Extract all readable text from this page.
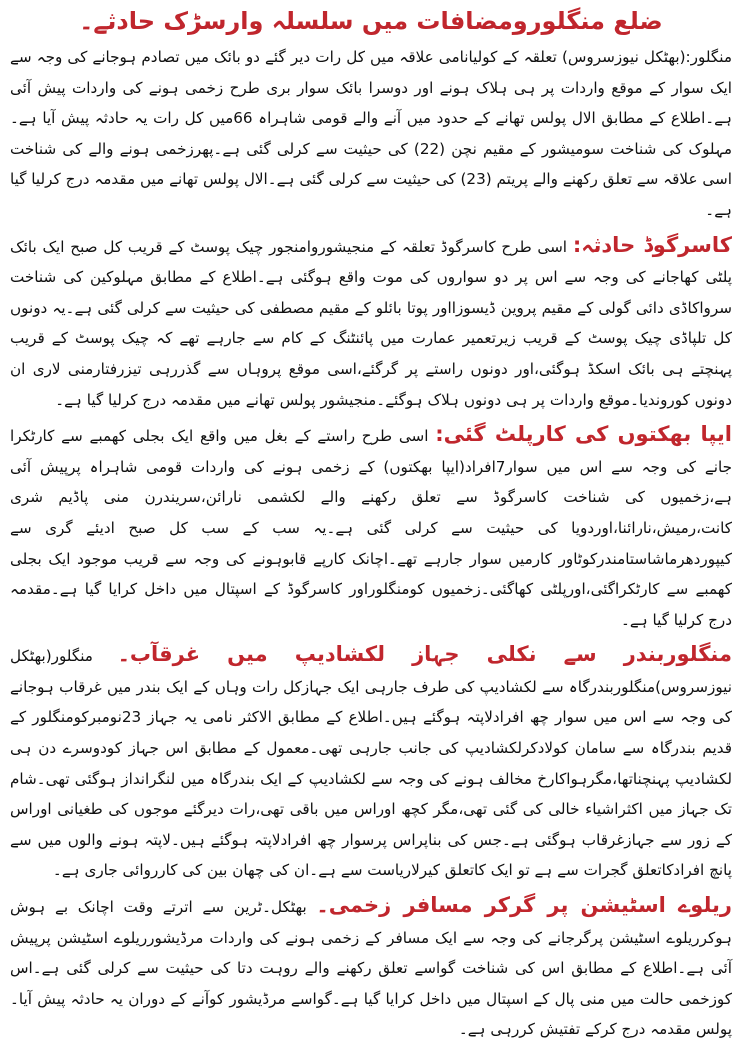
ضلع منگلورومضافات میں سلسلہ وارسڑک حادثے۔

منگلور:(بھٹکل نیوزسروس) تعلقہ کے کولیانامی علاقہ میں کل رات دیر گئے دو بائک میں تصادم ہوجانے کی وجہ سے ایک سوار کے موقع واردات پر ہی ہلاک ہونے اور دوسرا بائک سوار بری طرح زخمی ہونے کی واردات پیش آئی ہے۔اطلاع کے مطابق الال پولس تھانے کے حدود میں آنے والے قومی شاہراہ 66میں کل رات یہ حادثہ پیش آیا ہے۔مہلوک کی شناخت سومیشور کے مقیم نچن (22) کی حیثیت سے کرلی گئی ہے۔پھرزخمی ہونے والے کی شناخت اسی علاقہ سے تعلق رکھنے والے پریتم (23) کی حیثیت سے کرلی گئی ہے۔الال پولس تھانے میں مقدمہ درج کرلیا گیا ہے۔

کاسرگوڈ حادثہ: اسی طرح کاسرگوڈ تعلقہ کے منجیشوروامنجور چیک پوسٹ کے قریب کل صبح ایک بائک پلٹی کھاجانے کی وجہ سے اس پر دو سواروں کی موت واقع ہوگئی ہے۔اطلاع کے مطابق مہلوکین کی شناخت سرواکاڈی دائی گولی کے مقیم پروین ڈیسوزااور پوتا بائلو کے مقیم مصطفی کی حیثیت سے کرلی گئی ہے۔یہ دونوں کل تلپاڈی چیک پوسٹ کے قریب زیرتعمیر عمارت میں پائنٹنگ کے کام سے جارہے تھے کہ چیک پوسٹ کے قریب پہنچتے ہی بائک اسکڈ ہوگئی،اور دونوں راستے پر گرگئے،اسی موقع پروہاں سے گذررہی تیزرفتارمنی لاری ان دونوں کوروندیا۔موقع واردات پر ہی دونوں ہلاک ہوگئے۔منجیشور پولس تھانے میں مقدمہ درج کرلیا گیا ہے۔

ایپا بھکتوں کی کارپلٹ گئی: اسی طرح راستے کے بغل میں واقع ایک بجلی کھمبے سے کارٹکرا جانے کی وجہ سے اس میں سوار7افراد(ایپا بھکتوں) کے زخمی ہونے کی واردات قومی شاہراہ پرپیش آئی ہے،زخمیوں کی شناخت کاسرگوڈ سے تعلق رکھنے والے لکشمی نارائن،سریندرن منی پاڈیم شری کانت،رمیش،نارائنا،اوردویا کی حیثیت سے کرلی گئی ہے۔یہ سب کے سب کل صبح ادیئے گری سے کیپوردھرماشاستامندرکوٹاور کارمیں سوار جارہے تھے۔اچانک کارپے قابوہونے کی وجہ سے قریب موجود ایک بجلی کھمبے سے کارٹکراگئی،اورپلٹی کھاگئی۔زخمیوں کومنگلوراور کاسرگوڈ کے اسپتال میں داخل کرایا گیا ہے۔مقدمہ درج کرلیا گیا ہے۔

منگلوربندر سے نکلی جہاز لکشادیپ میں غرقآب۔ منگلور(بھٹکل نیوزسروس)منگلوربندرگاہ سے لکشادیپ کی طرف جارہی ایک جہازکل رات وہاں کے ایک بندر میں غرقاب ہوجانے کی وجہ سے اس میں سوار چھ افرادلاپتہ ہوگئے ہیں۔اطلاع کے مطابق الاکثر نامی یہ جہاز 23نومبرکومنگلور کے قدیم بندرگاہ سے سامان کولادکرلکشادیپ کی جانب جارہی تھی۔معمول کے مطابق اس جہاز کودوسرے دن ہی لکشادیپ پہنچناتھا،مگرہواکارخ مخالف ہونے کی وجہ سے لکشادیپ کے ایک بندرگاہ میں لنگرانداز ہوگئی تھی۔شام تک جہاز میں اکثراشیاء خالی کی گئی تھی،مگر کچھ اوراس میں باقی تھی،رات دیرگئے موجوں کی طغیانی اوراس کے زور سے جہازغرقاب ہوگئی ہے۔جس کی بناپراس پرسوار چھ افرادلاپتہ ہوگئے ہیں۔لاپتہ ہونے والوں میں سے پانچ افرادکاتعلق گجرات سے ہے تو ایک کاتعلق کیرلاریاست سے ہے۔ان کی چھان بین کی کارروائی جاری ہے۔

ریلوے اسٹیشن پر گرکر مسافر زخمی۔ بھٹکل۔ٹرین سے اترتے وقت اچانک بے ہوش ہوکرریلوے اسٹیشن پرگرجانے کی وجہ سے ایک مسافر کے زخمی ہونے کی واردات مرڈیشورریلوے اسٹیشن پرپیش آئی ہے۔اطلاع کے مطابق اس کی شناخت گواسے تعلق رکھنے والے روہت دتا کی حیثیت سے کرلی گئی ہے۔اس کوزخمی حالت میں منی پال کے اسپتال میں داخل کرایا گیا ہے۔گواسے مرڈیشور کوآنے کے دوران یہ حادثہ پیش آیا۔پولس مقدمہ درج کرکے تفتیش کررہی ہے۔
